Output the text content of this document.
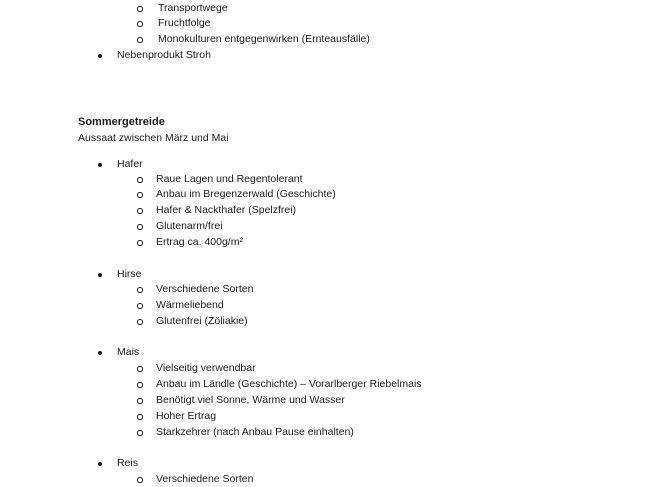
Transportwege
Fruchtfolge
Monokulturen entgegenwirken (Ernteausfälle)
Nebenprodukt Stroh
Sommergetreide
Aussaat zwischen März und Mai
Hafer
Raue Lagen und Regentolerant
Anbau im Bregenzerwald (Geschichte)
Hafer & Nackthafer (Spelzfrei)
Glutenarm/frei
Ertrag ca. 400g/m²
Hirse
Verschiedene Sorten
Wärmeliebend
Glutenfrei (Zöliakie)
Mais
Vielseitig verwendbar
Anbau im Ländle (Geschichte) – Vorarlberger Riebelmais
Benötigt viel Sonne, Wärme und Wasser
Hoher Ertrag
Starkzehrer (nach Anbau Pause einhalten)
Reis
Verschiedene Sorten
